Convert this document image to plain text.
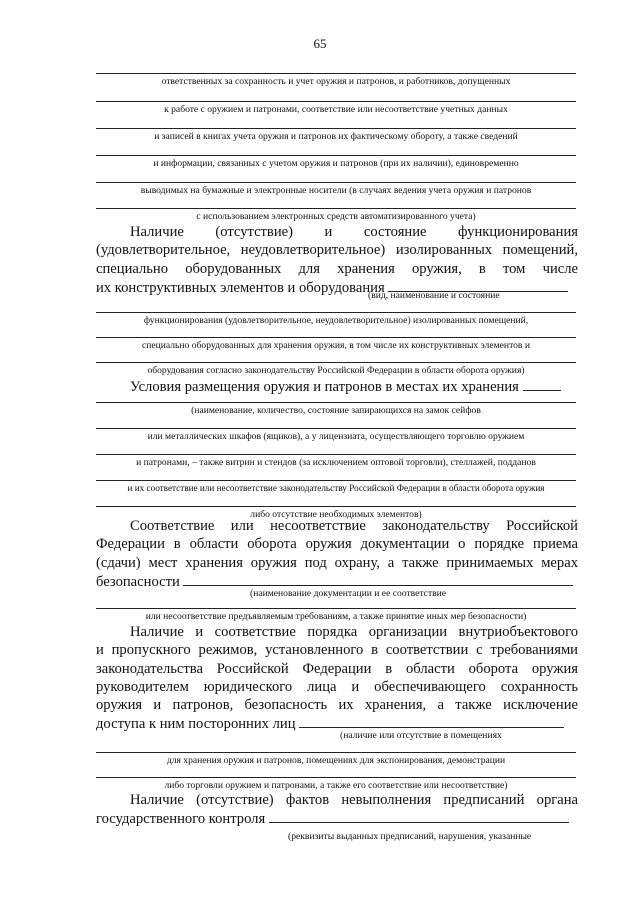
65
ответственных за сохранность и учет оружия и патронов, и работников, допущенных
к работе с оружием и патронами, соответствие или несоответствие учетных данных
и записей в книгах учета оружия и патронов их фактическому обороту, а также сведений
и информации, связанных с учетом оружия и патронов (при их наличии), единовременно
выводимых на бумажные и электронные носители (в случаях ведения учета оружия и патронов
с использованием электронных средств автоматизированного учета)

Наличие (отсутствие) и состояние функционирования

(удовлетворительное, неудовлетворительное) изолированных помещений,

специально оборудованных для хранения оружия, в том числе

их конструктивных элементов и оборудования

(вид, наименование и состояние
функционирования (удовлетворительное, неудовлетворительное) изолированных помещений,
специально оборудованных для хранения оружия, в том числе их конструктивных элементов и
оборудования согласно законодательству Российской Федерации в области оборота оружия)

Условия размещения оружия и патронов в местах их хранения

(наименование, количество, состояние запирающихся на замок сейфов
или металлических шкафов (ящиков), а у лицензиата, осуществляющего торговлю оружием
и патронами, – также витрин и стендов (за исключением оптовой торговли), стеллажей, подданов
и их соответствие или несоответствие законодательству Российской Федерации в области оборота оружия
либо отсутствие необходимых элементов)

Соответствие или несоответствие законодательству Российской

Федерации в области оборота оружия документации о порядке приема

(сдачи) мест хранения оружия под охрану, а также принимаемых мерах

безопасности

(наименование документации и ее соответствие
или несоответствие предъявляемым требованиям, а также принятие иных мер безопасности)

Наличие и соответствие порядка организации внутриобъектового

и пропускного режимов, установленного в соответствии с требованиями

законодательства Российской Федерации в области оборота оружия

руководителем юридического лица и обеспечивающего сохранность

оружия и патронов, безопасность их хранения, а также исключение

доступа к ним посторонних лиц

(наличие или отсутствие в помещениях
для хранения оружия и патронов, помещениях для экспонирования, демонстрации
либо торговли оружием и патронами, а также его соответствие или несоответствие)

Наличие (отсутствие) фактов невыполнения предписаний органа

государственного контроля

(реквизиты выданных предписаний, нарушения, указанные
